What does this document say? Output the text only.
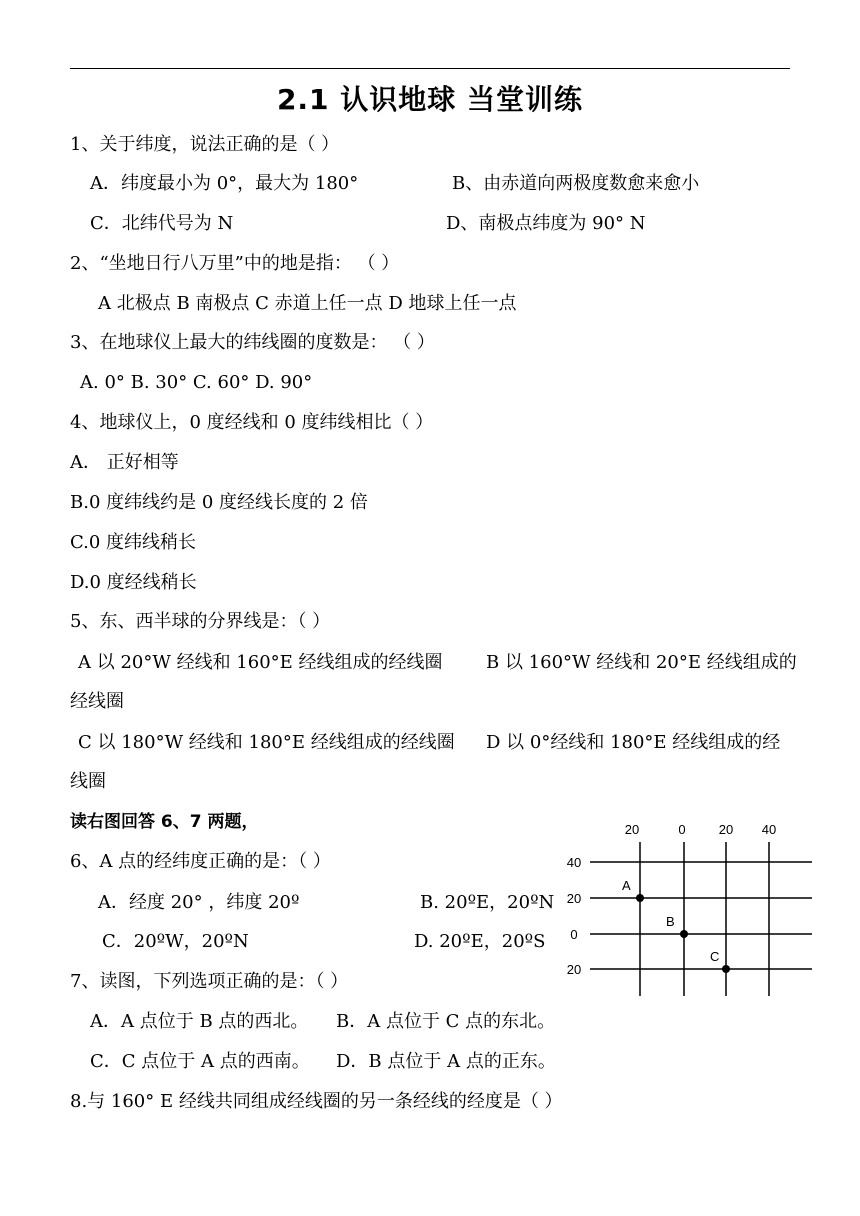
2.1 认识地球 当堂训练
1、关于纬度，说法正确的是（ ）
A．纬度最小为 0°，最大为 180°	B、由赤道向两极度数愈来愈小
C．北纬代号为 N	D、南极点纬度为 90° N
2、“坐地日行八万里”中的地是指： （ ）
A 北极点 B 南极点 C 赤道上任一点 D 地球上任一点
3、在地球仪上最大的纬线圈的度数是： （ ）
A. 0° B. 30° C. 60° D. 90°
4、地球仪上，0 度经线和 0 度纬线相比（ ）
A． 正好相等
B.0 度纬线约是 0 度经线长度的 2 倍
C.0 度纬线稍长
D.0 度经线稍长
5、东、西半球的分界线是：（ ）
A 以 20°W 经线和 160°E 经线组成的经线圈 B 以 160°W 经线和 20°E 经线组成的
经线圈
C 以 180°W 经线和 180°E 经线组成的经线圈 D 以 0°经线和 180°E 经线组成的经
线圈
读右图回答 6、7 两题，
6、A 点的经纬度正确的是：（ ）
A．经度 20° ，纬度 20º	B. 20ºE，20ºN
C．20ºW，20ºN	D. 20ºE，20ºS
7、读图，下列选项正确的是：（ ）
A．A 点位于 B 点的西北。 B．A 点位于 C 点的东北。
C．C 点位于 A 点的西南。 D．B 点位于 A 点的正东。
8.与 160° E 经线共同组成经线圈的另一条经线的经度是（ ）
20	0	20 40
40
20
0
20
A
B
C
